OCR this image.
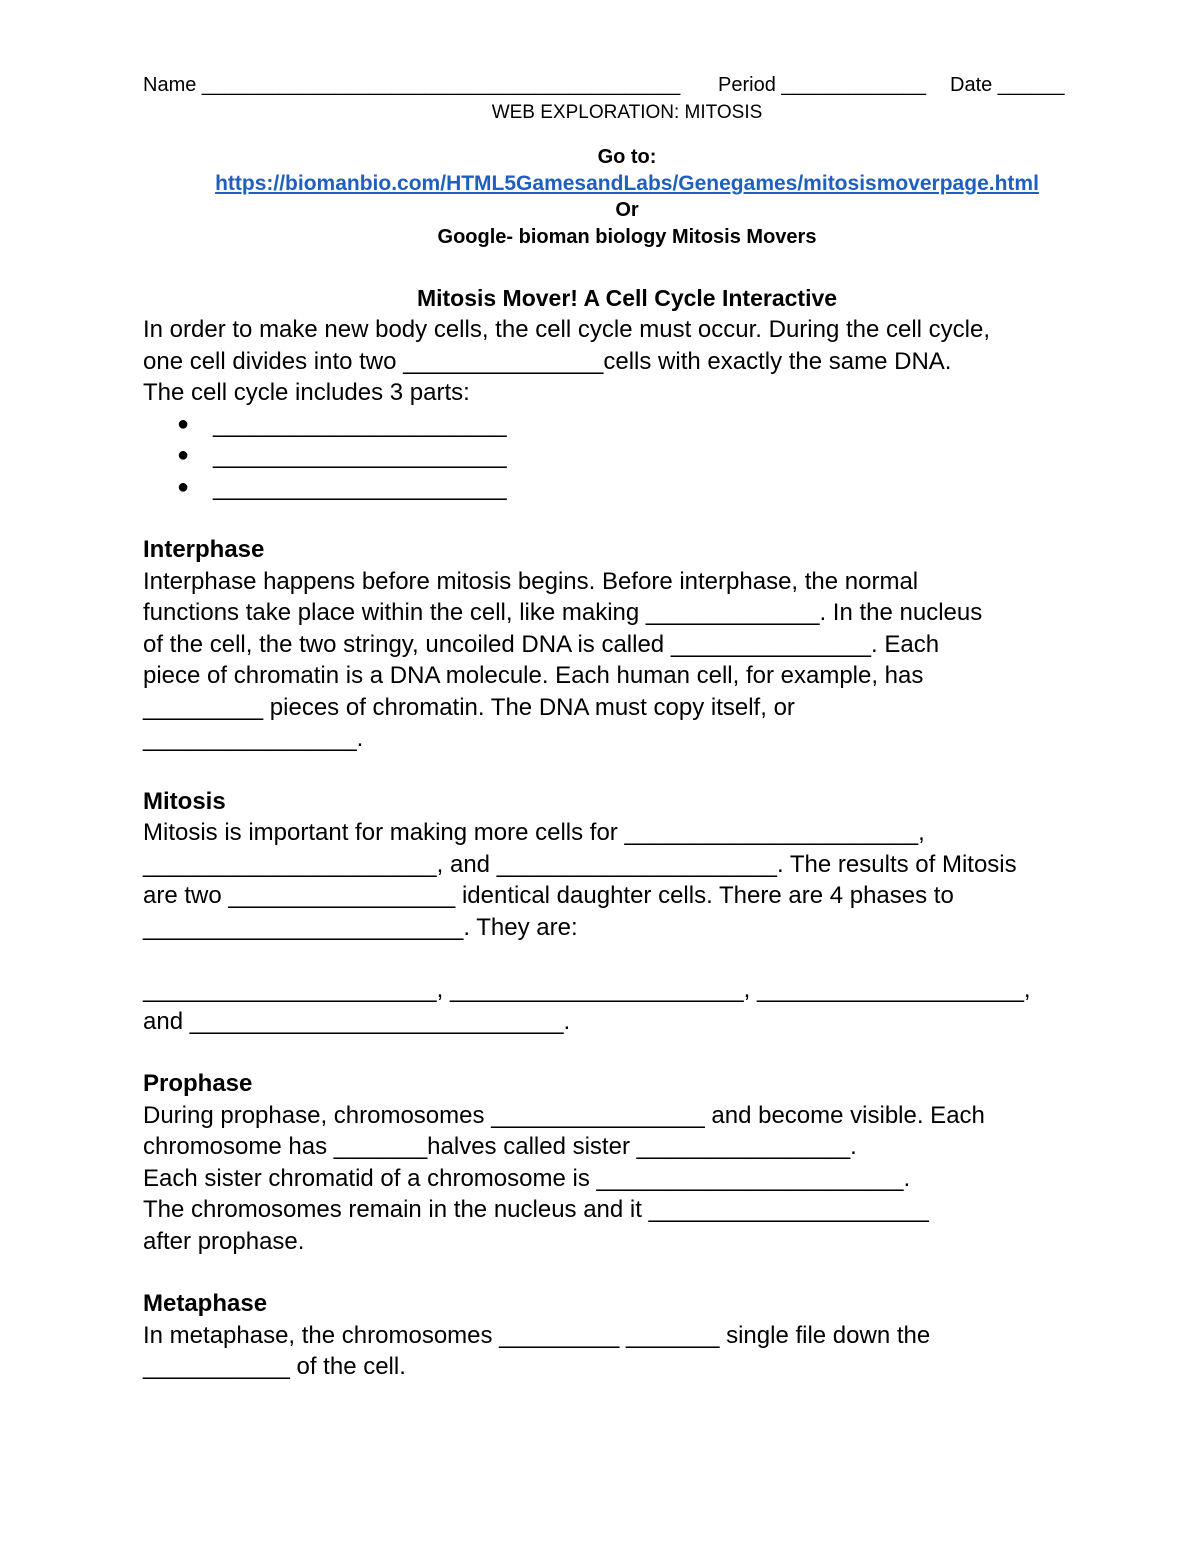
Name ___________________________________________ Period _____________ Date ______
WEB EXPLORATION: MITOSIS
Go to:
https://biomanbio.com/HTML5GamesandLabs/Genegames/mitosismoverpage.html
Or
Google- bioman biology Mitosis Movers
Mitosis Mover! A Cell Cycle Interactive

In order to make new body cells, the cell cycle must occur. During the cell cycle,

one cell divides into two _______________cells with exactly the same DNA.

The cell cycle includes 3 parts:

● ______________________

● ______________________

● ______________________

Interphase

Interphase happens before mitosis begins. Before interphase, the normal

functions take place within the cell, like making _____________. In the nucleus

of the cell, the two stringy, uncoiled DNA is called _______________. Each

piece of chromatin is a DNA molecule. Each human cell, for example, has

_________ pieces of chromatin. The DNA must copy itself, or

________________.

Mitosis

Mitosis is important for making more cells for ______________________,

______________________, and _____________________. The results of Mitosis

are two _________________ identical daughter cells. There are 4 phases to

________________________. They are:

______________________, ______________________, ____________________,

and ____________________________.

Prophase

During prophase, chromosomes ________________ and become visible. Each

chromosome has _______halves called sister ________________.

Each sister chromatid of a chromosome is _______________________.

The chromosomes remain in the nucleus and it _____________________

after prophase.

Metaphase

In metaphase, the chromosomes _________ _______ single file down the

___________ of the cell.
